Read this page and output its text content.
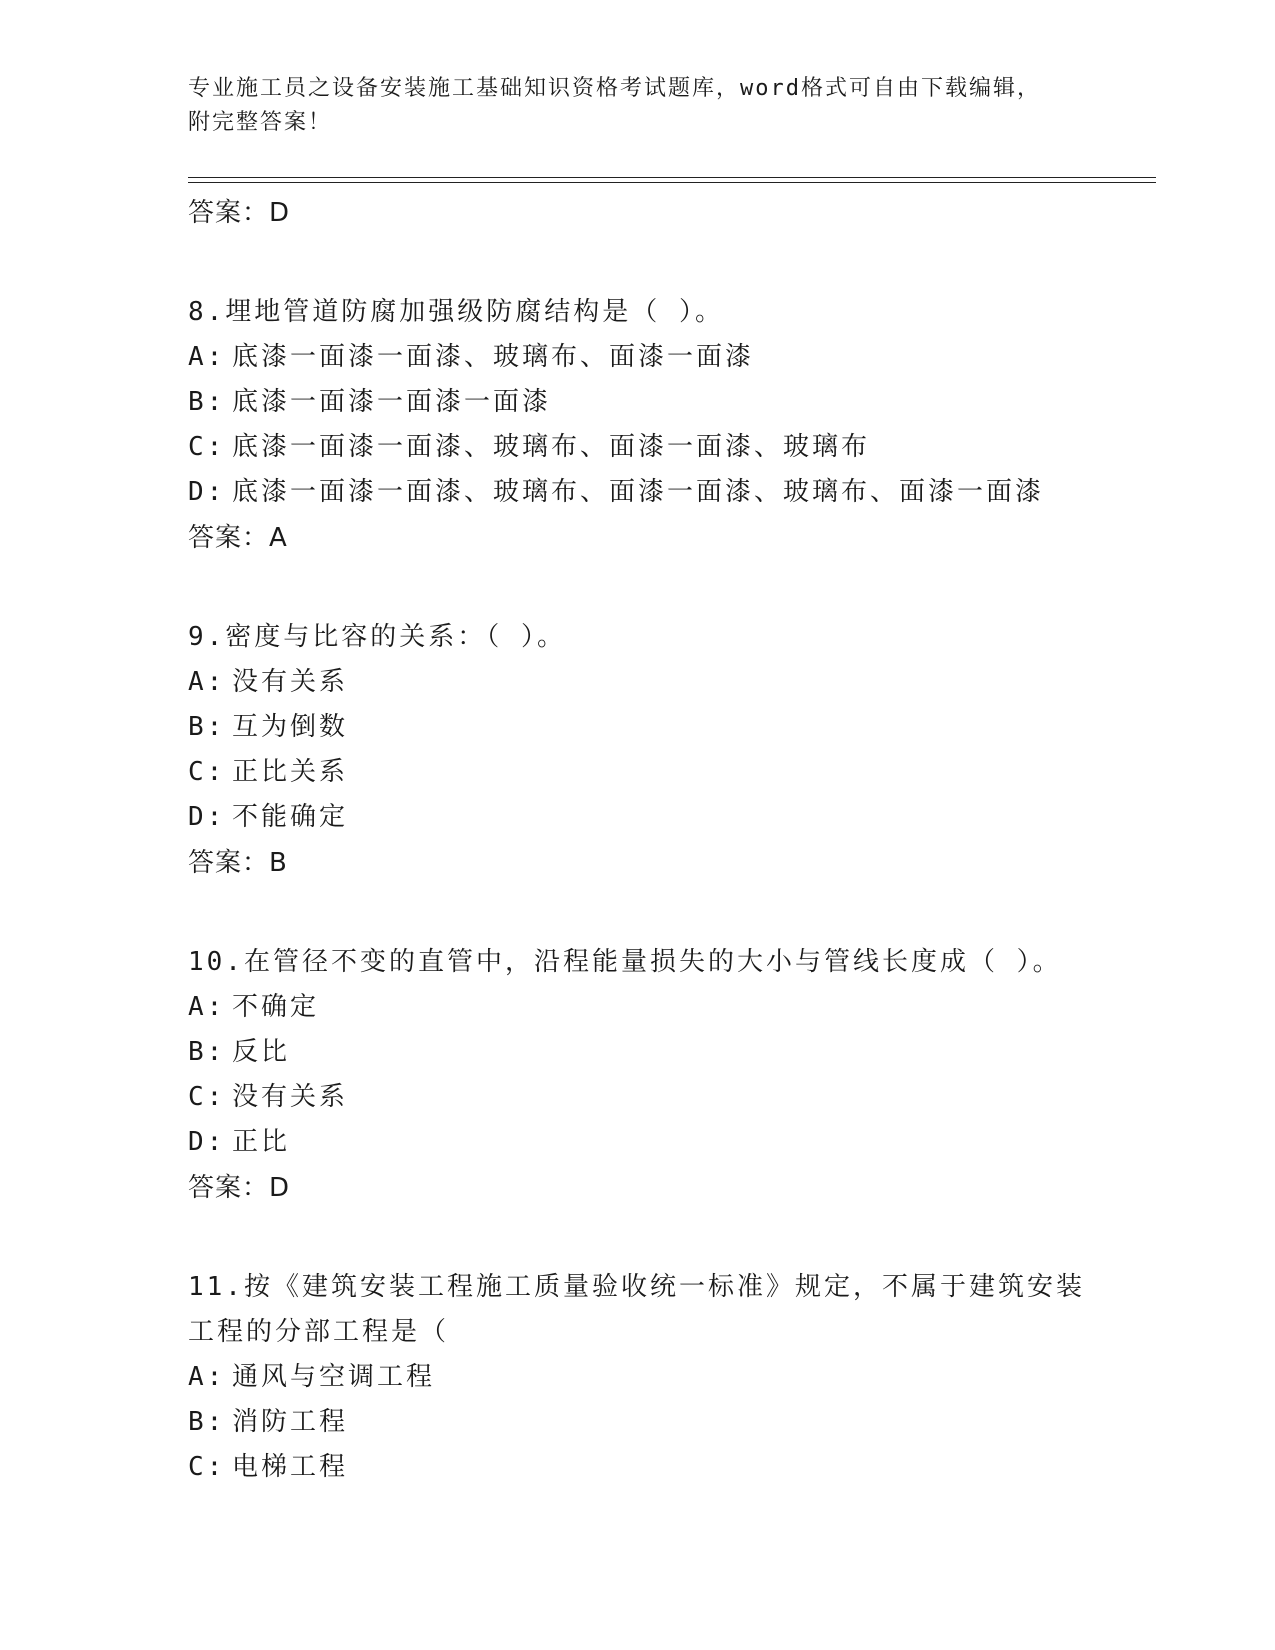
专业施工员之设备安装施工基础知识资格考试题库，word格式可自由下载编辑，
附完整答案！
答案：D
8.埋地管道防腐加强级防腐结构是（ ）。
A: 底漆一面漆一面漆、玻璃布、面漆一面漆
B: 底漆一面漆一面漆一面漆
C: 底漆一面漆一面漆、玻璃布、面漆一面漆、玻璃布
D: 底漆一面漆一面漆、玻璃布、面漆一面漆、玻璃布、面漆一面漆
答案：A
9.密度与比容的关系：（ ）。
A: 没有关系
B: 互为倒数
C: 正比关系
D: 不能确定
答案：B
10.在管径不变的直管中，沿程能量损失的大小与管线长度成（ ）。
A: 不确定
B: 反比
C: 没有关系
D: 正比
答案：D
11.按《建筑安装工程施工质量验收统一标准》规定，不属于建筑安装
工程的分部工程是（
A: 通风与空调工程
B: 消防工程
C: 电梯工程
